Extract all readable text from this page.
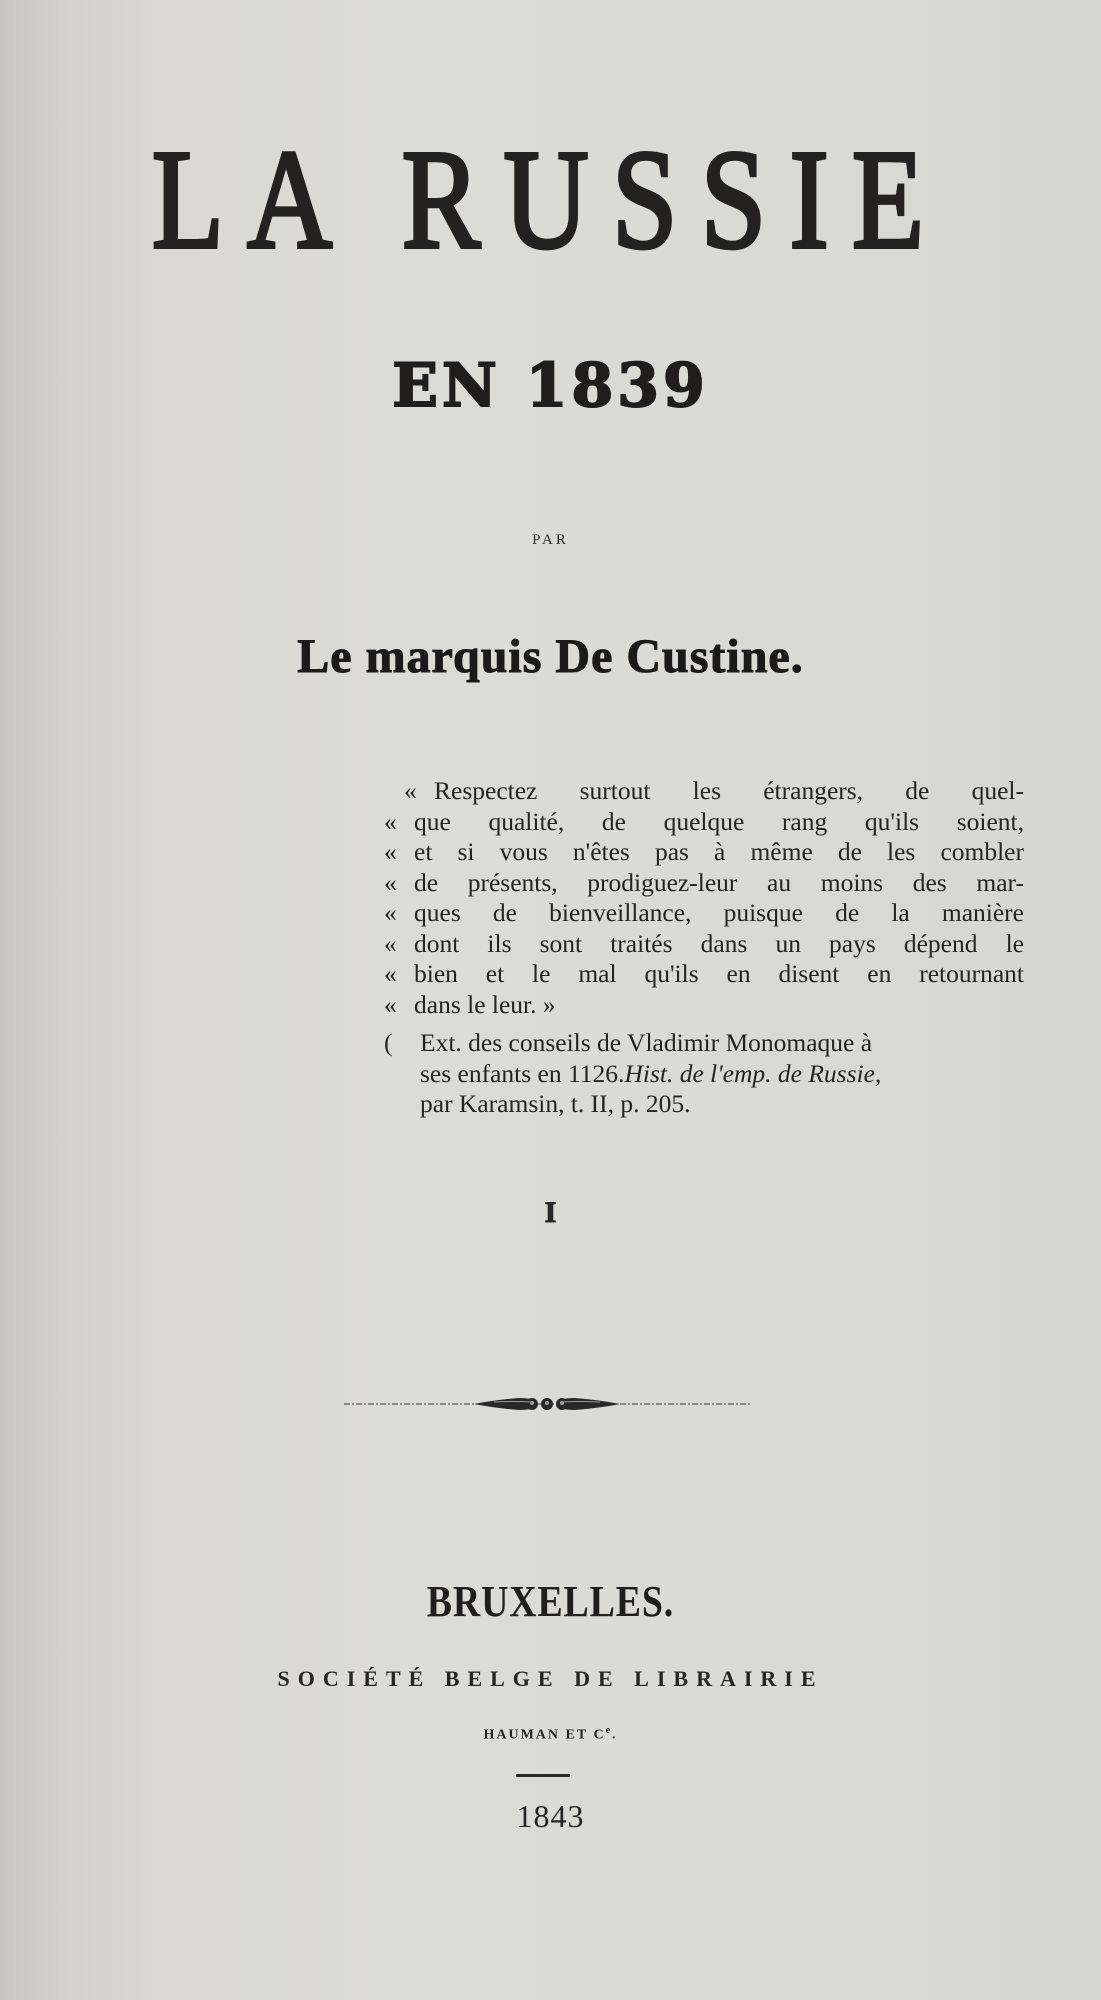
LA RUSSIE
EN 1839
PAR
Le marquis De Custine.
« Respectez surtout les étrangers, de quel-
« que qualité, de quelque rang qu'ils soient,
« et si vous n'êtes pas à même de les combler
« de présents, prodiguez-leur au moins des mar-
« ques de bienveillance, puisque de la manière
« dont ils sont traités dans un pays dépend le
« bien et le mal qu'ils en disent en retournant
« dans le leur. »
(	Ext. des conseils de Vladimir Monomaque à
ses enfants en 1126. Hist. de l'emp. de Russie,
par Karamsin, t. II, p. 205.
I
BRUXELLES.
SOCIÉTÉ BELGE DE LIBRAIRIE
HAUMAN ET Ce.
1843
